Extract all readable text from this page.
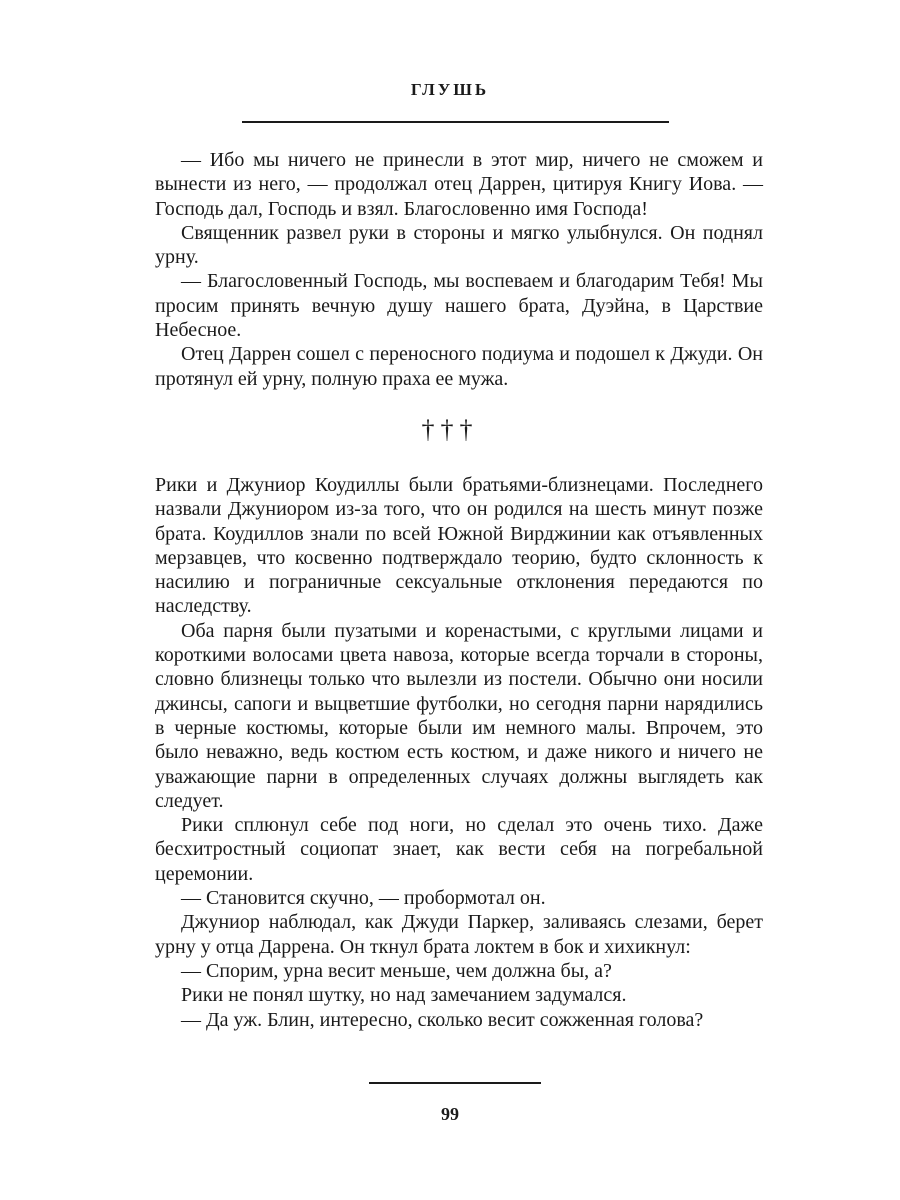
ГЛУШЬ

— Ибо мы ничего не принесли в этот мир, ничего не сможем и вынести из него, — продолжал отец Даррен, цитируя Книгу Иова. — Господь дал, Господь и взял. Благословенно имя Господа!

Священник развел руки в стороны и мягко улыбнулся. Он поднял урну.

— Благословенный Господь, мы воспеваем и благодарим Тебя! Мы просим принять вечную душу нашего брата, Дуэйна, в Царствие Небесное.

Отец Даррен сошел с переносного подиума и подошел к Джуди. Он протянул ей урну, полную праха ее мужа.

†††

Рики и Джуниор Коудиллы были братьями-близнецами. Последнего назвали Джуниором из-за того, что он родился на шесть минут позже брата. Коудиллов знали по всей Южной Вирджинии как отъявленных мерзавцев, что косвенно подтверждало теорию, будто склонность к насилию и пограничные сексуальные отклонения передаются по наследству.

Оба парня были пузатыми и коренастыми, с круглыми лицами и короткими волосами цвета навоза, которые всегда торчали в стороны, словно близнецы только что вылезли из постели. Обычно они носили джинсы, сапоги и выцветшие футболки, но сегодня парни нарядились в черные костюмы, которые были им немного малы. Впрочем, это было неважно, ведь костюм есть костюм, и даже никого и ничего не уважающие парни в определенных случаях должны выглядеть как следует.

Рики сплюнул себе под ноги, но сделал это очень тихо. Даже бесхитростный социопат знает, как вести себя на погребальной церемонии.

— Становится скучно, — пробормотал он.

Джуниор наблюдал, как Джуди Паркер, заливаясь слезами, берет урну у отца Даррена. Он ткнул брата локтем в бок и хихикнул:

— Спорим, урна весит меньше, чем должна бы, а?

Рики не понял шутку, но над замечанием задумался.

— Да уж. Блин, интересно, сколько весит сожженная голова?

99
